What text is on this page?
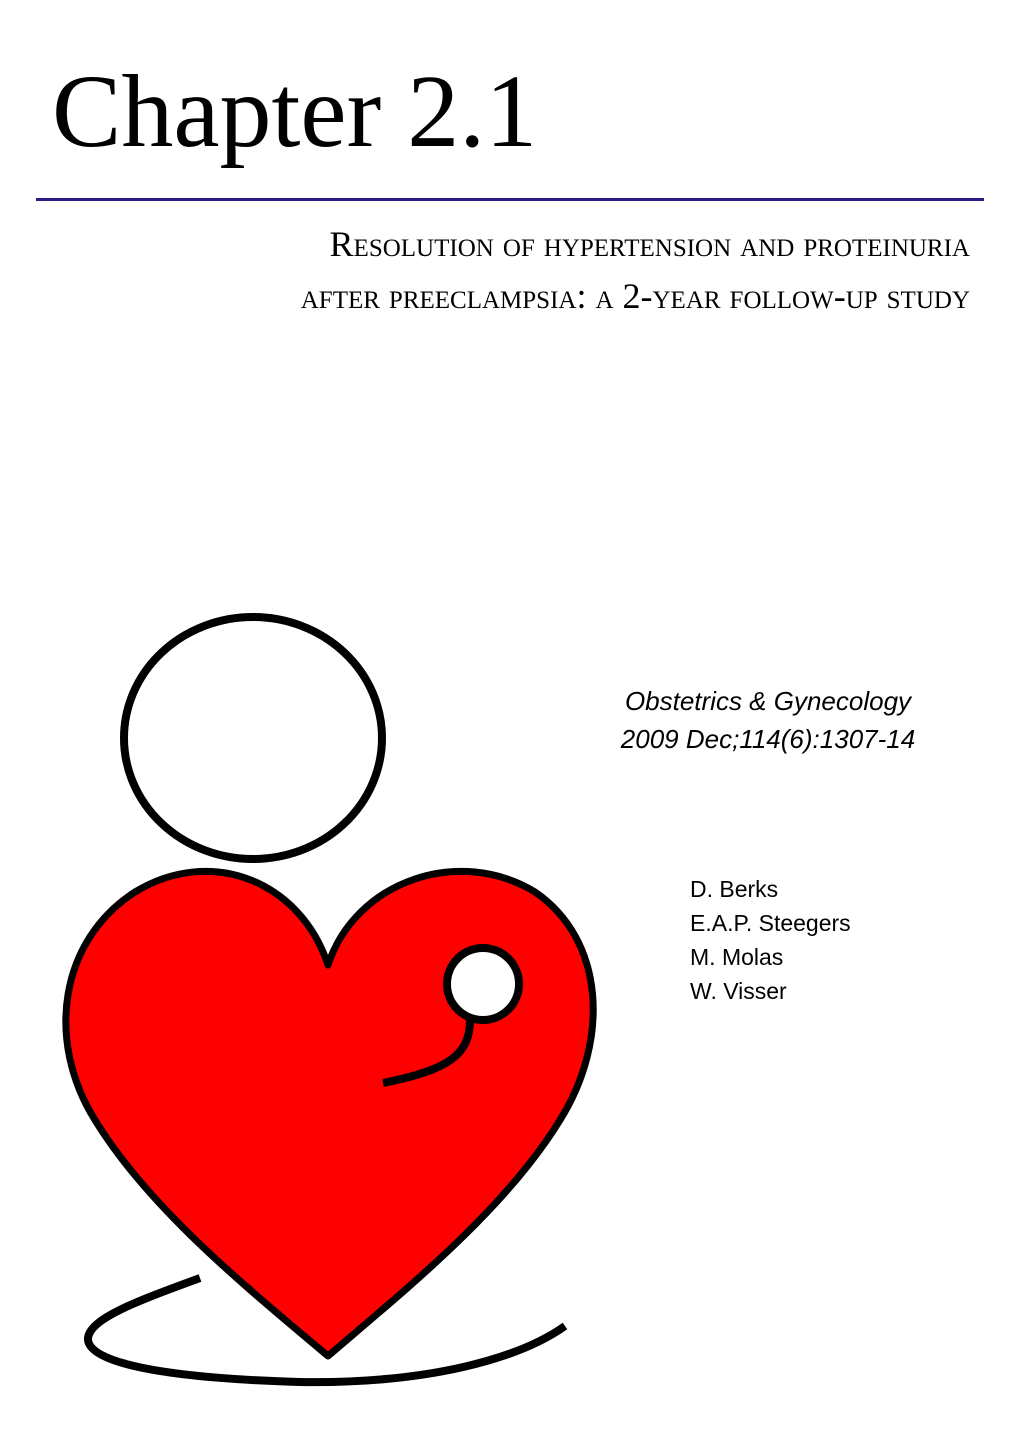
Chapter 2.1
Resolution of hypertension and proteinuria
after preeclampsia: a 2-year follow-up study
Obstetrics & Gynecology
2009 Dec;114(6):1307-14
D. Berks
E.A.P. Steegers
M. Molas
W. Visser
